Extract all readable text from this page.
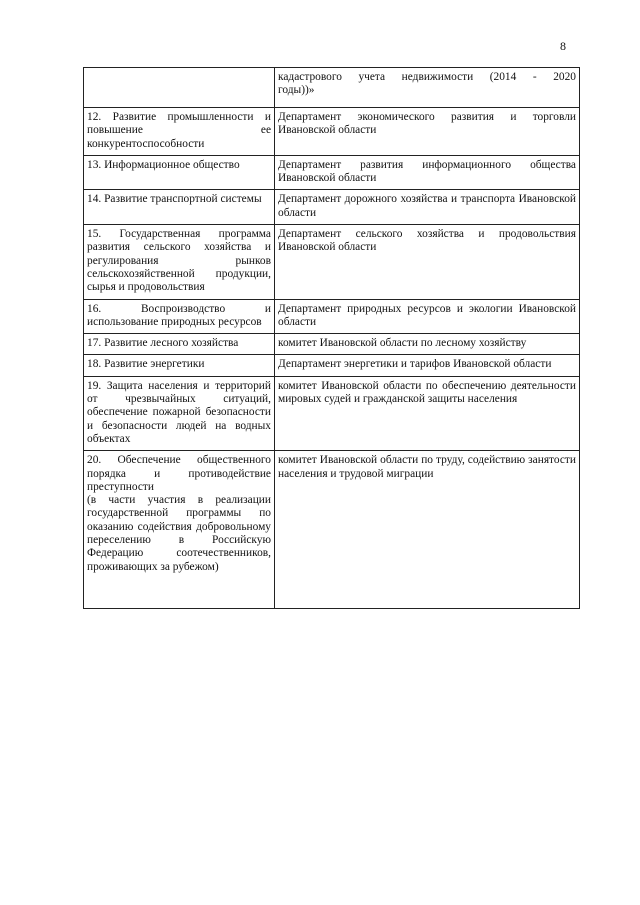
8

	кадастрового учета недвижимости (2014 - 2020
годы))»

12. Развитие промышленности и повышение ее конкурентоспособности	Департамент экономического развития и торговли Ивановской области
13. Информационное общество	Департамент развития информационного общества Ивановской области
14. Развитие транспортной системы	Департамент дорожного хозяйства и транспорта Ивановской области
15. Государственная программа развития сельского хозяйства и регулирования рынков сельскохозяйственной продукции, сырья и продовольствия	Департамент сельского хозяйства и продовольствия Ивановской области
16. Воспроизводство и использование природных ресурсов	Департамент природных ресурсов и экологии Ивановской области
17. Развитие лесного хозяйства	комитет Ивановской области по лесному хозяйству
18. Развитие энергетики	Департамент энергетики и тарифов Ивановской области
19. Защита населения и территорий от чрезвычайных ситуаций, обеспечение пожарной безопасности и безопасности людей на водных объектах	комитет Ивановской области по обеспечению деятельности мировых судей и гражданской защиты населения

20. Обеспечение общественного порядка и противодействие преступности
(в части участия в реализации государственной программы по оказанию содействия добровольному переселению в Российскую Федерацию соотечественников, проживающих за рубежом)	комитет Ивановской области по труду, содействию занятости населения и трудовой миграции
